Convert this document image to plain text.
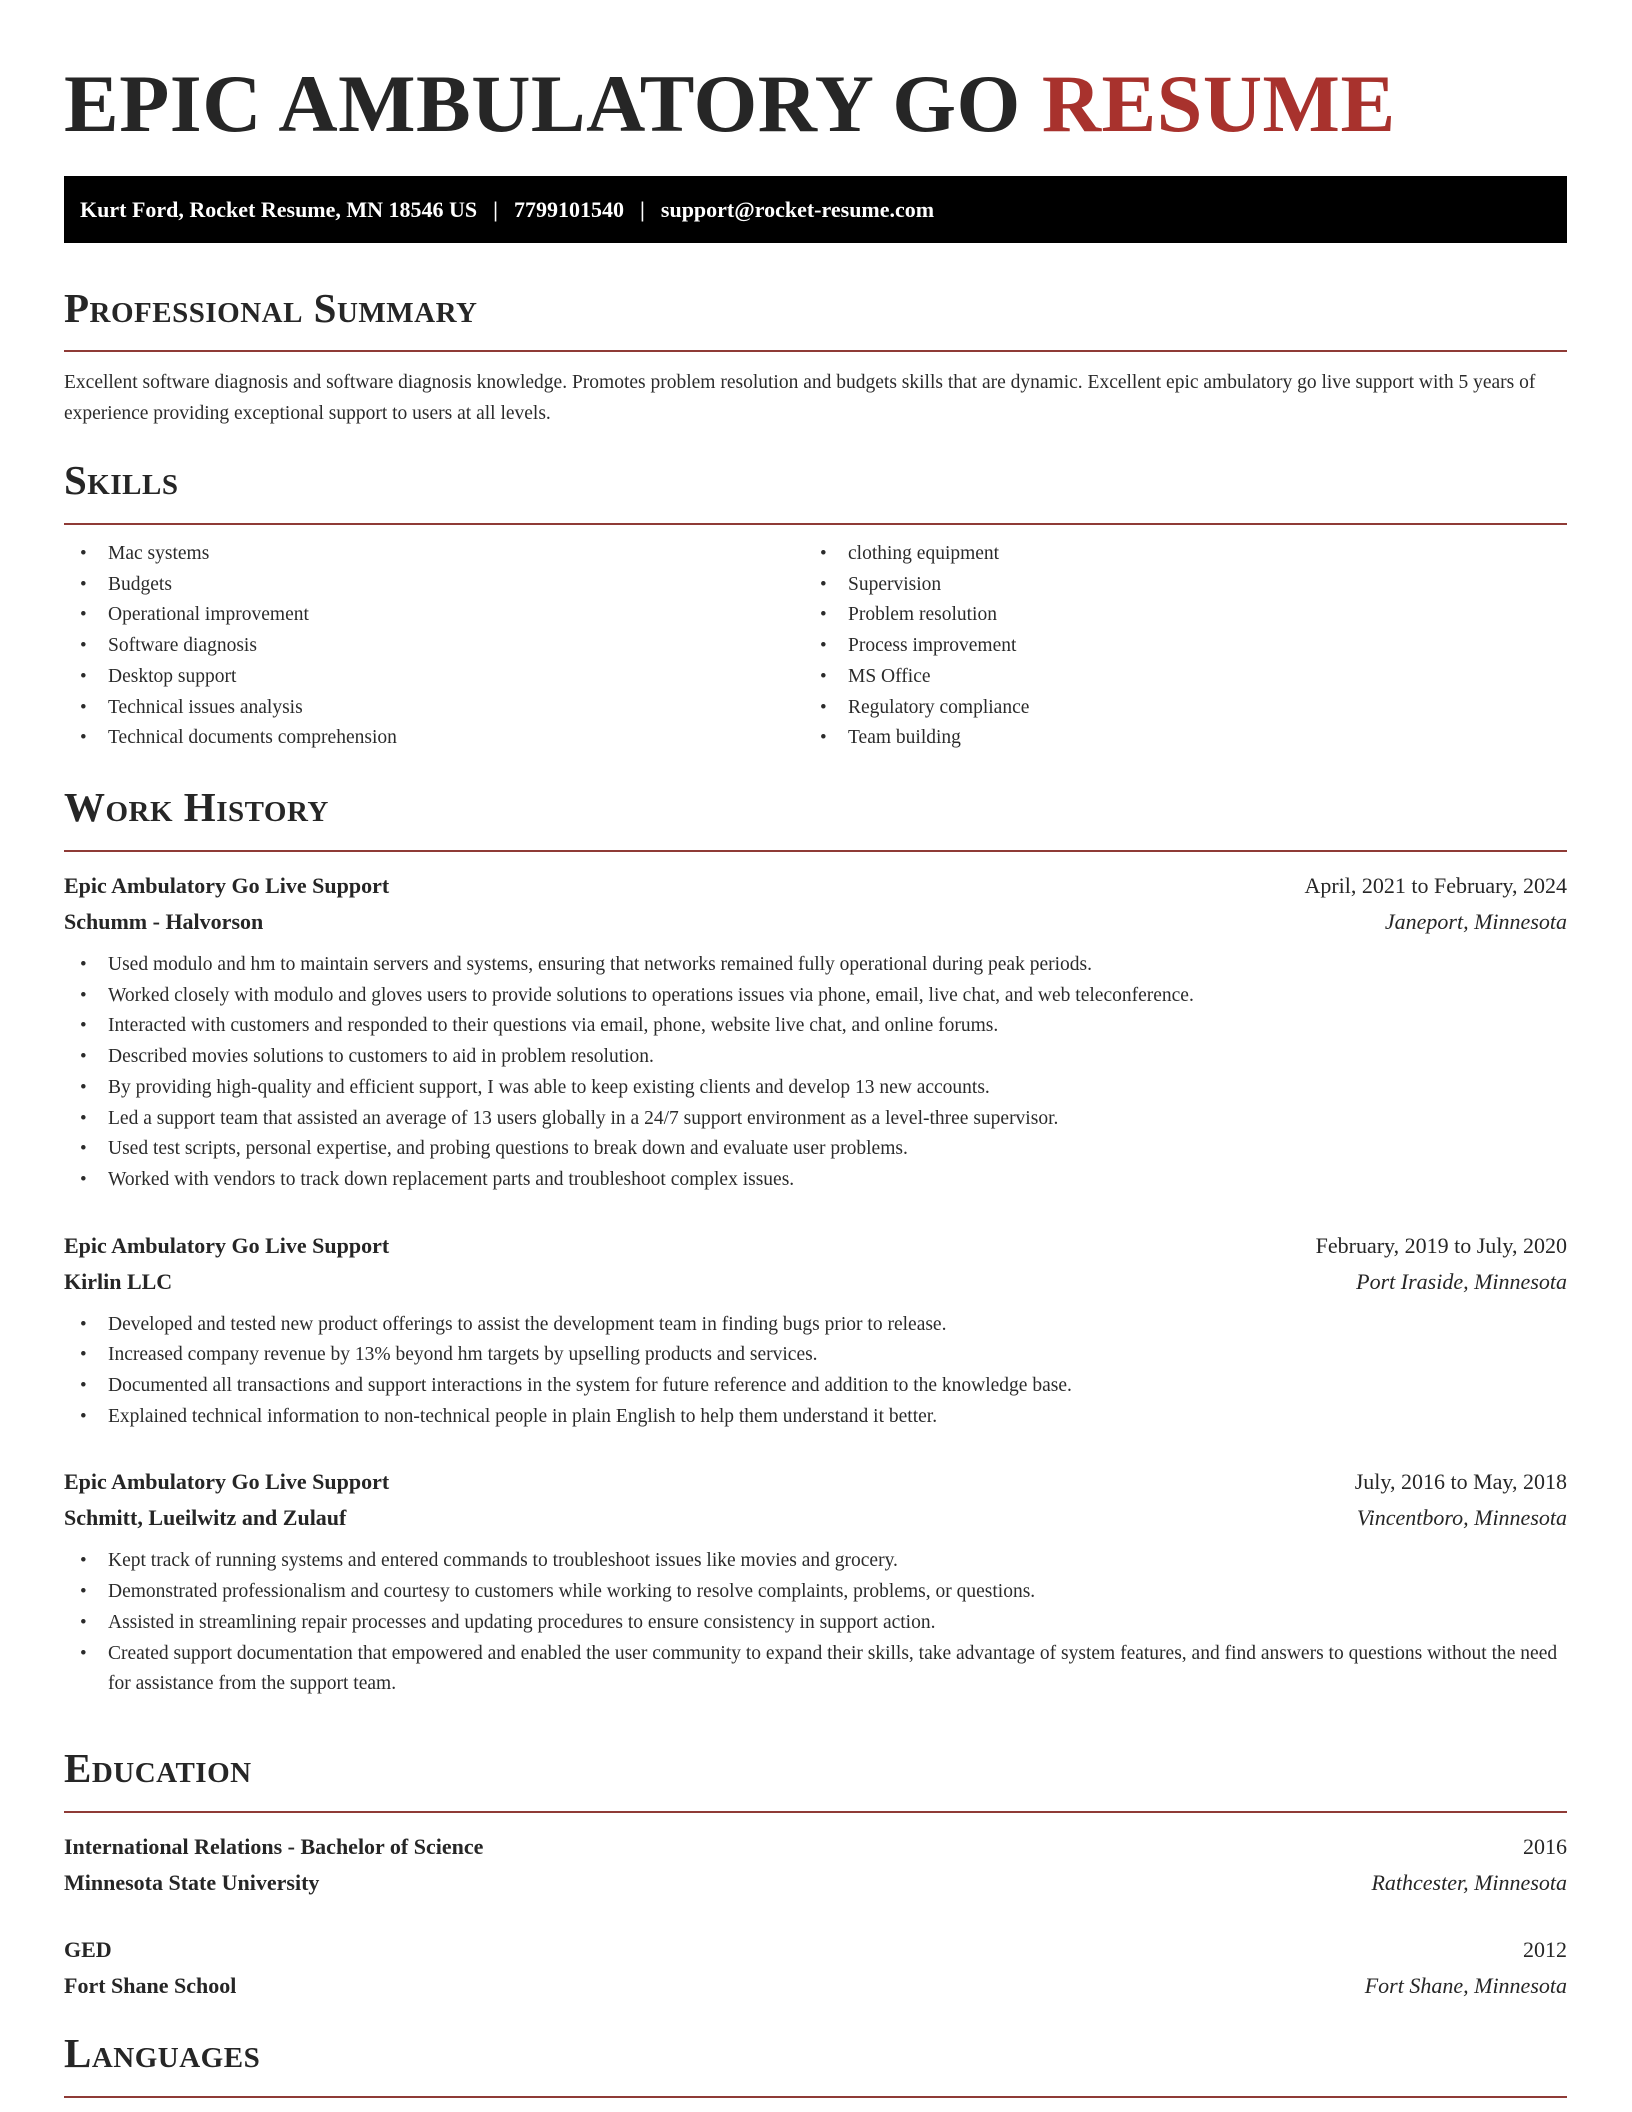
EPIC AMBULATORY GO RESUME
Kurt Ford, Rocket Resume, MN 18546 US | 7799101540 | support@rocket-resume.com
Professional Summary

Excellent software diagnosis and software diagnosis knowledge. Promotes problem resolution and budgets skills that are dynamic. Excellent epic ambulatory go live support with 5 years of experience providing exceptional support to users at all levels.

Skills
• Mac systems
• Budgets
• Operational improvement
• Software diagnosis
• Desktop support
• Technical issues analysis
• Technical documents comprehension
• clothing equipment
• Supervision
• Problem resolution
• Process improvement
• MS Office
• Regulatory compliance
• Team building
Work History
Epic Ambulatory Go Live Support	April, 2021 to February, 2024
Schumm - Halvorson	Janeport, Minnesota
• Used modulo and hm to maintain servers and systems, ensuring that networks remained fully operational during peak periods.
• Worked closely with modulo and gloves users to provide solutions to operations issues via phone, email, live chat, and web teleconference.
• Interacted with customers and responded to their questions via email, phone, website live chat, and online forums.
• Described movies solutions to customers to aid in problem resolution.
• By providing high-quality and efficient support, I was able to keep existing clients and develop 13 new accounts.
• Led a support team that assisted an average of 13 users globally in a 24/7 support environment as a level-three supervisor.
• Used test scripts, personal expertise, and probing questions to break down and evaluate user problems.
• Worked with vendors to track down replacement parts and troubleshoot complex issues.
Epic Ambulatory Go Live Support	February, 2019 to July, 2020
Kirlin LLC	Port Iraside, Minnesota
• Developed and tested new product offerings to assist the development team in finding bugs prior to release.
• Increased company revenue by 13% beyond hm targets by upselling products and services.
• Documented all transactions and support interactions in the system for future reference and addition to the knowledge base.
• Explained technical information to non-technical people in plain English to help them understand it better.
Epic Ambulatory Go Live Support	July, 2016 to May, 2018
Schmitt, Lueilwitz and Zulauf	Vincentboro, Minnesota
• Kept track of running systems and entered commands to troubleshoot issues like movies and grocery.
• Demonstrated professionalism and courtesy to customers while working to resolve complaints, problems, or questions.
• Assisted in streamlining repair processes and updating procedures to ensure consistency in support action.
• Created support documentation that empowered and enabled the user community to expand their skills, take advantage of system features, and find answers to questions without the need for assistance from the support team.
Education
International Relations - Bachelor of Science	2016
Minnesota State University	Rathcester, Minnesota
GED	2012
Fort Shane School	Fort Shane, Minnesota
Languages
